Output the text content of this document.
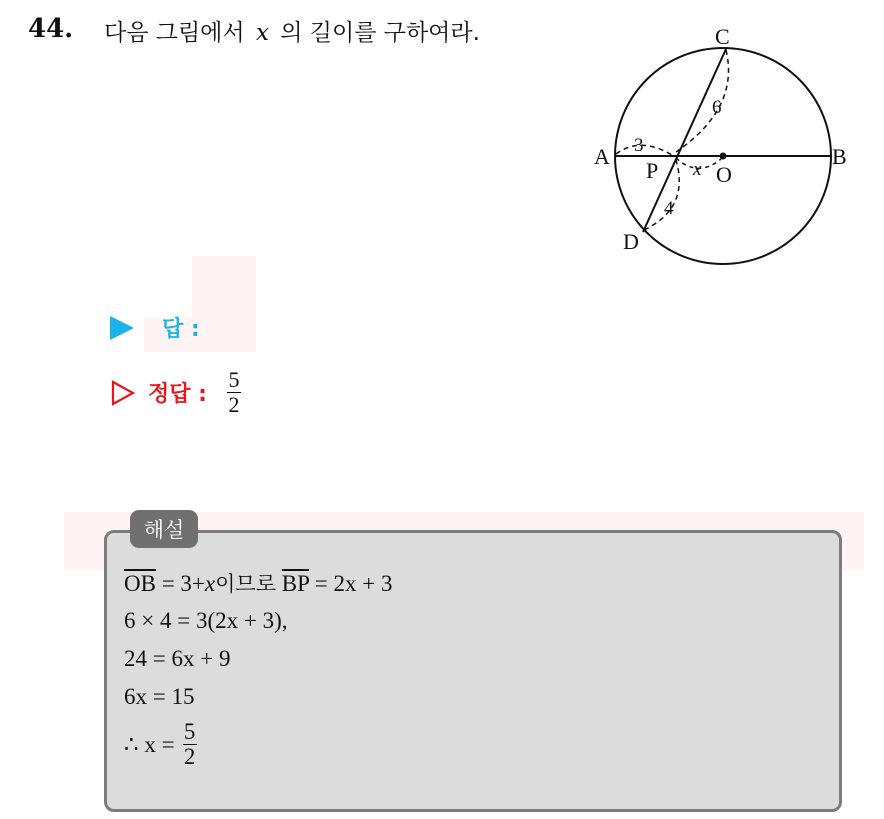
44. 다음 그림에서 x 의 길이를 구하여라.	C
A	B
D
P	O
3
6
4
x
답 :
정답 : $\frac{5}{2}$
해설
$\overline{OB} = 3+x$이므로 $\overline{BP} = 2x + 3$
6 × 4 = 3(2x + 3),
24 = 6x + 9
6x = 15
∴ $x = \frac{5}{2}$
